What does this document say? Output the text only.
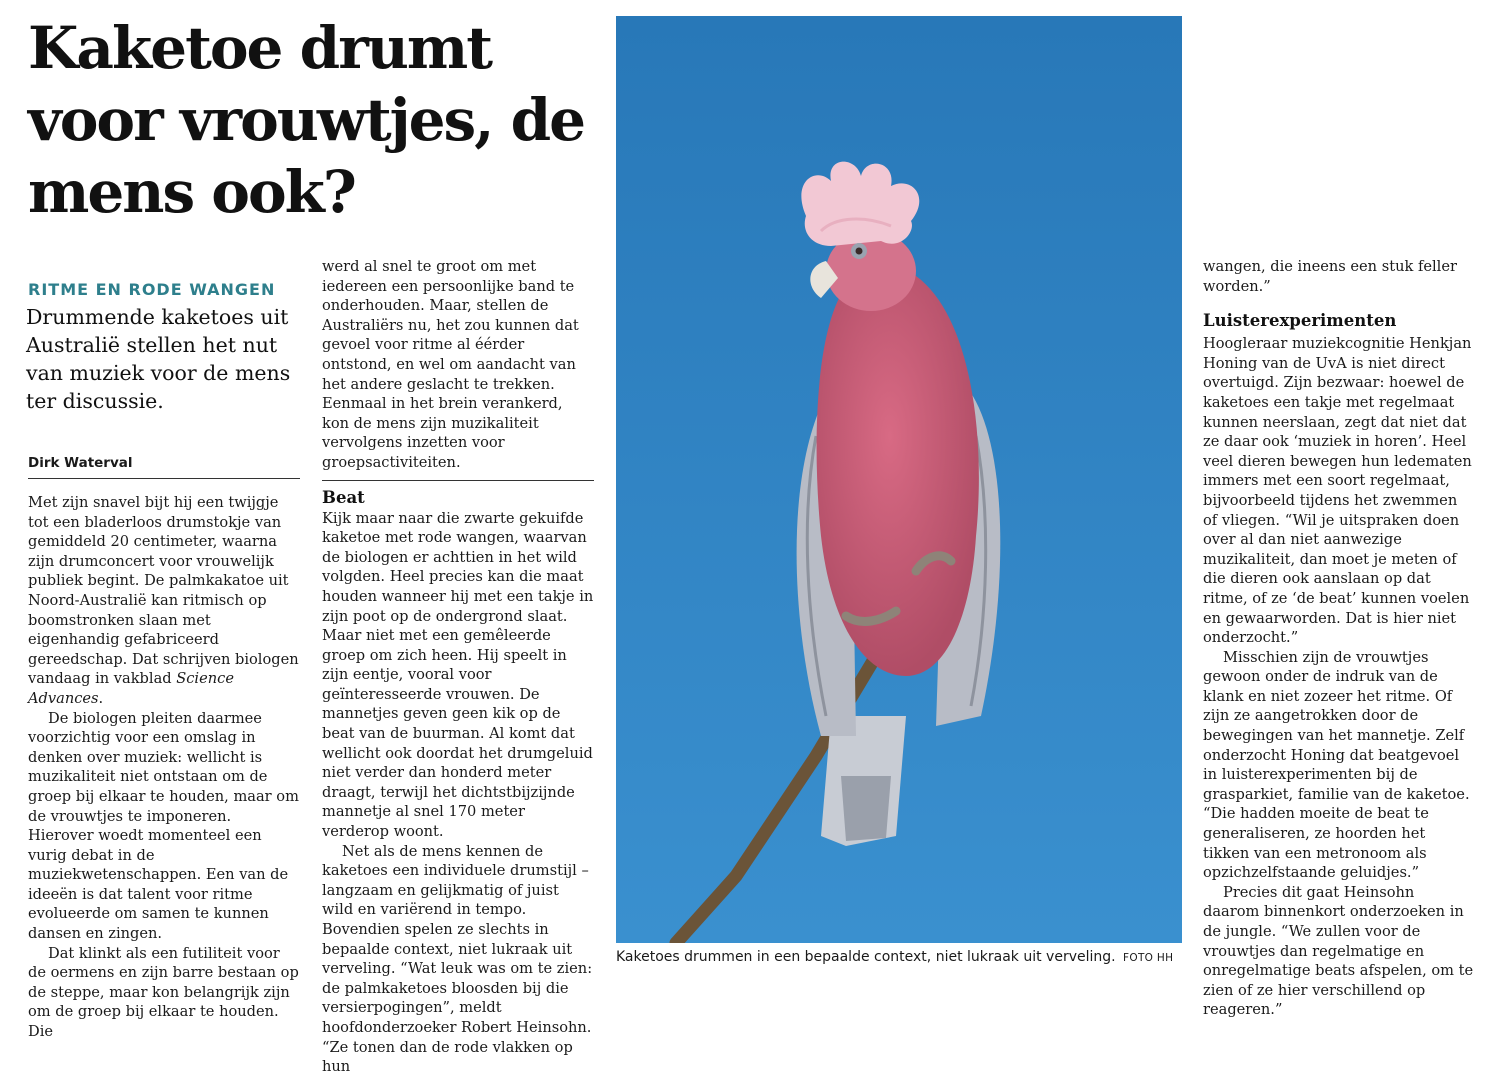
Kaketoe drumt voor vrouwtjes, de mens ook?
RITME EN RODE WANGEN
Drummende kaketoes uit Australië stellen het nut van muziek voor de mens ter discussie.
Dirk Waterval

Met zijn snavel bijt hij een twijgje tot een bladerloos drumstokje van gemiddeld 20 centimeter, waarna zijn drumconcert voor vrouwelijk publiek begint. De palmkakatoe uit Noord-Australië kan ritmisch op boomstronken slaan met eigenhandig gefabriceerd gereedschap. Dat schrijven biologen vandaag in vakblad Science Advances.

De biologen pleiten daarmee voorzichtig voor een omslag in denken over muziek: wellicht is muzikaliteit niet ontstaan om de groep bij elkaar te houden, maar om de vrouwtjes te imponeren. Hierover woedt momenteel een vurig debat in de muziekwetenschappen. Een van de ideeën is dat talent voor ritme evolueerde om samen te kunnen dansen en zingen.

Dat klinkt als een futiliteit voor de oermens en zijn barre bestaan op de steppe, maar kon belangrijk zijn om de groep bij elkaar te houden. Die

werd al snel te groot om met iedereen een persoonlijke band te onderhouden. Maar, stellen de Australiërs nu, het zou kunnen dat gevoel voor ritme al éérder ontstond, en wel om aandacht van het andere geslacht te trekken. Eenmaal in het brein verankerd, kon de mens zijn muzikaliteit vervolgens inzetten voor groepsactiviteiten.

Beat

Kijk maar naar die zwarte gekuifde kaketoe met rode wangen, waarvan de biologen er achttien in het wild volgden. Heel precies kan die maat houden wanneer hij met een takje in zijn poot op de ondergrond slaat. Maar niet met een gemêleerde groep om zich heen. Hij speelt in zijn eentje, vooral voor geïnteresseerde vrouwen. De mannetjes geven geen kik op de beat van de buurman. Al komt dat wellicht ook doordat het drumgeluid niet verder dan honderd meter draagt, terwijl het dichtstbijzijnde mannetje al snel 170 meter verderop woont.

Net als de mens kennen de kaketoes een individuele drumstijl – langzaam en gelijkmatig of juist wild en variërend in tempo. Bovendien spelen ze slechts in bepaalde context, niet lukraak uit verveling. “Wat leuk was om te zien: de palmkaketoes bloosden bij die versierpogingen”, meldt hoofdonderzoeker Robert Heinsohn. “Ze tonen dan de rode vlakken op hun

Kaketoes drummen in een bepaalde context, niet lukraak uit verveling. FOTO HH

wangen, die ineens een stuk feller worden.”

Luisterexperimenten

Hoogleraar muziekcognitie Henkjan Honing van de UvA is niet direct overtuigd. Zijn bezwaar: hoewel de kaketoes een takje met regelmaat kunnen neerslaan, zegt dat niet dat ze daar ook ‘muziek in horen’. Heel veel dieren bewegen hun ledematen immers met een soort regelmaat, bijvoorbeeld tijdens het zwemmen of vliegen. “Wil je uitspraken doen over al dan niet aanwezige muzikaliteit, dan moet je meten of die dieren ook aanslaan op dat ritme, of ze ‘de beat’ kunnen voelen en gewaarworden. Dat is hier niet onderzocht.”

Misschien zijn de vrouwtjes gewoon onder de indruk van de klank en niet zozeer het ritme. Of zijn ze aangetrokken door de bewegingen van het mannetje. Zelf onderzocht Honing dat beatgevoel in luisterexperimenten bij de grasparkiet, familie van de kaketoe. “Die hadden moeite de beat te generaliseren, ze hoorden het tikken van een metronoom als opzichzelfstaande geluidjes.”

Precies dit gaat Heinsohn daarom binnenkort onderzoeken in de jungle. “We zullen voor de vrouwtjes dan regelmatige en onregelmatige beats afspelen, om te zien of ze hier verschillend op reageren.”
